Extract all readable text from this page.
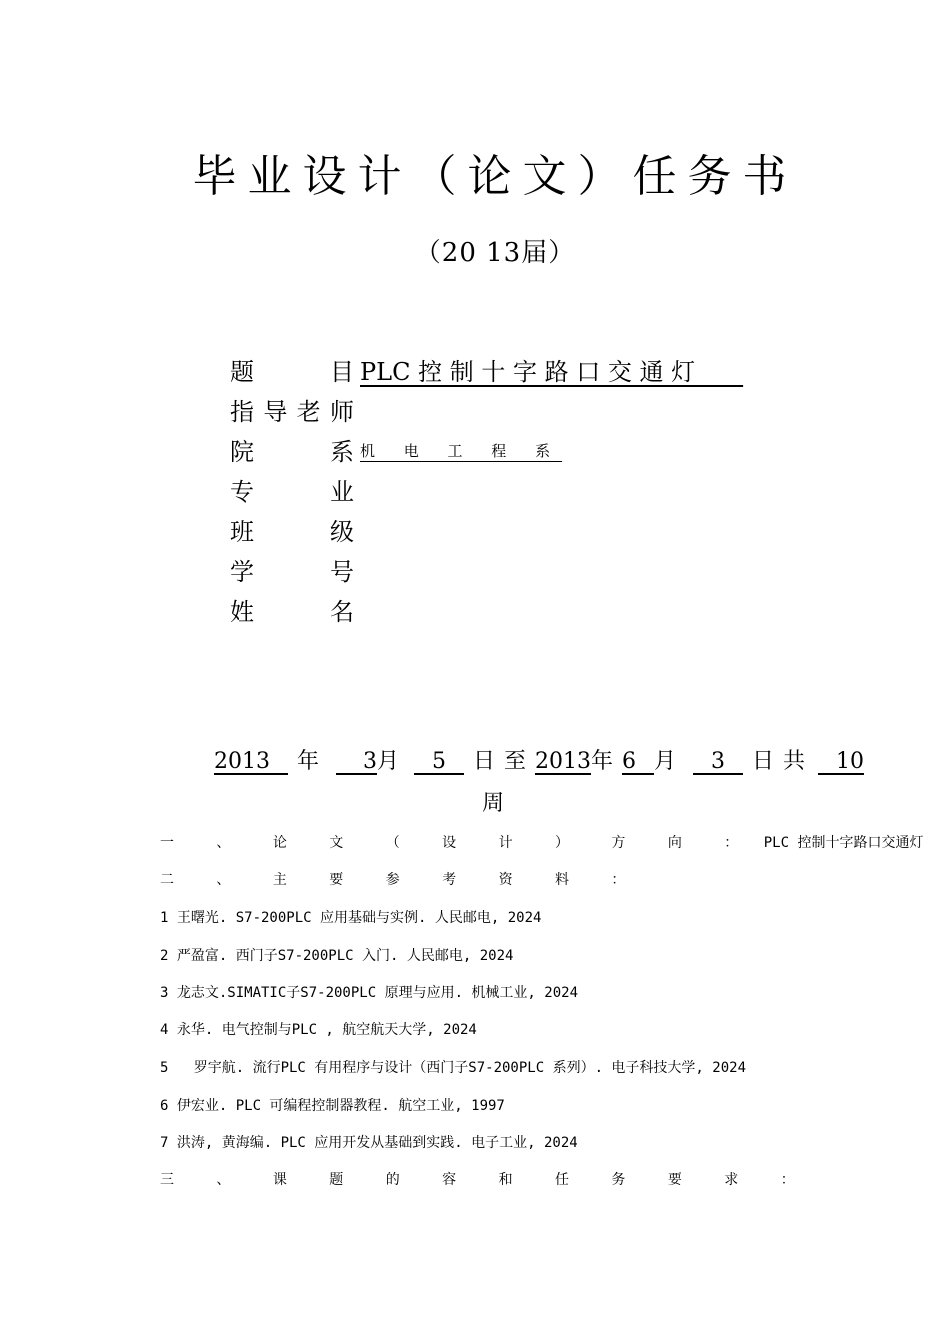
毕业设计（论文）任务书
（20 13届）
题	目 PLC 控 制 十 字 路 口 交 通 灯　　
指 导 老 师
院	系 机 电 工 程 系
专	业
班	级
学	号
姓	名
2013   年    3月   5   日 至 2013年 6  月   3   日 共   10
周
一 、 论 文 （ 设 计 ） 方 向 ： PLC 控制十字路口交通灯
二 、 主 要 参 考 资 料 ：
1 王曙光. S7-200PLC 应用基础与实例. 人民邮电, 2024
2 严盈富. 西门子S7-200PLC 入门. 人民邮电, 2024
3 龙志文.SIMATIC子S7-200PLC 原理与应用. 机械工业, 2024
4 永华. 电气控制与PLC , 航空航天大学, 2024
5   罗宇航. 流行PLC 有用程序与设计（西门子S7-200PLC 系列）. 电子科技大学, 2024
6 伊宏业. PLC 可编程控制器教程. 航空工业, 1997
7 洪涛, 黄海编. PLC 应用开发从基础到实践. 电子工业, 2024
三 、 课 题 的 容 和 任 务 要 求 ：
